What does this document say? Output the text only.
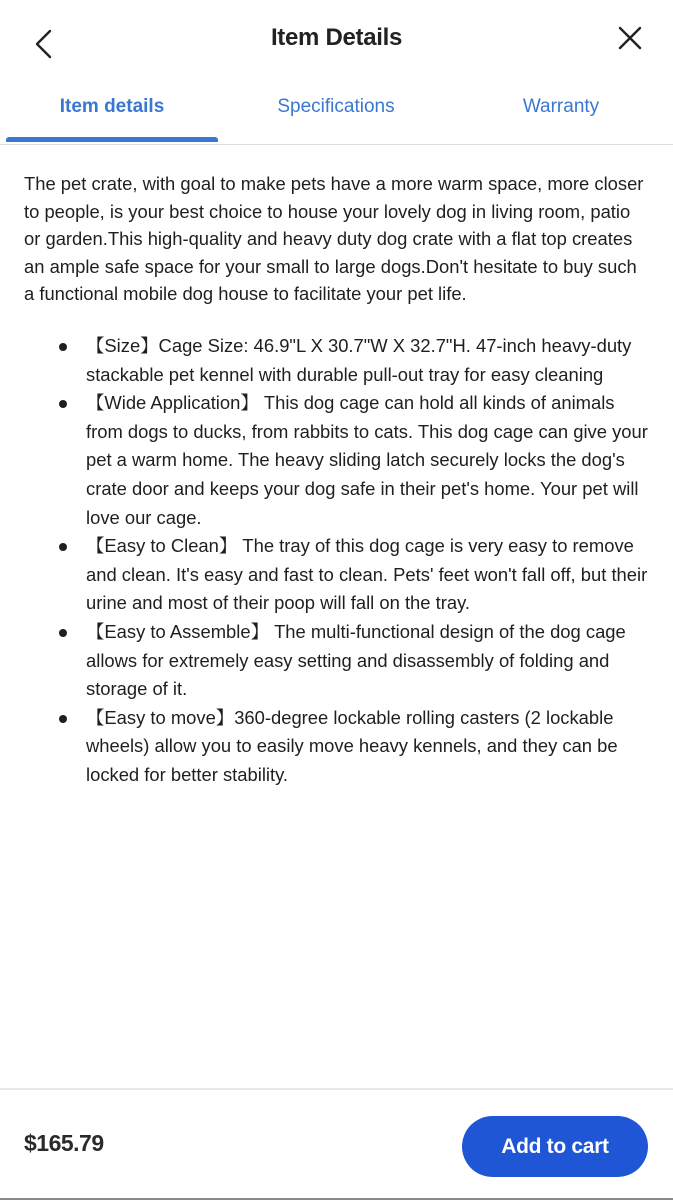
Item Details
Item details	Specifications	Warranty

The pet crate, with goal to make pets have a more warm space, more closer to people, is your best choice to house your lovely dog in living room, patio or garden.This high-quality and heavy duty dog crate with a flat top creates an ample safe space for your small to large dogs.Don't hesitate to buy such a functional mobile dog house to facilitate your pet life.

【Size】Cage Size: 46.9"L X 30.7"W X 32.7"H. 47-inch heavy-duty stackable pet kennel with durable pull-out tray for easy cleaning
【Wide Application】 This dog cage can hold all kinds of animals from dogs to ducks, from rabbits to cats. This dog cage can give your pet a warm home. The heavy sliding latch securely locks the dog's crate door and keeps your dog safe in their pet's home. Your pet will love our cage.
【Easy to Clean】 The tray of this dog cage is very easy to remove and clean. It's easy and fast to clean. Pets' feet won't fall off, but their urine and most of their poop will fall on the tray.
【Easy to Assemble】 The multi-functional design of the dog cage allows for extremely easy setting and disassembly of folding and storage of it.
【Easy to move】360-degree lockable rolling casters (2 lockable wheels) allow you to easily move heavy kennels, and they can be locked for better stability.
$165.79	Add to cart
